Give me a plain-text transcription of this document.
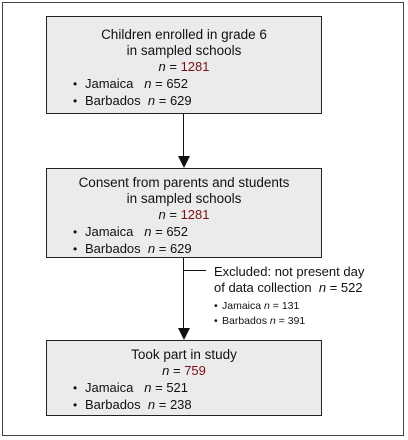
Children enrolled in grade 6

in sampled schools

n = 1281
• Jamaica n = 652
• Barbados n = 629

Consent from parents and students

in sampled schools

n = 1281
• Jamaica n = 652
• Barbados n = 629
Excluded: not present day
of data collection n = 522
• Jamaica n = 131
• Barbados n = 391

Took part in study

n = 759
• Jamaica n = 521
• Barbados n = 238
